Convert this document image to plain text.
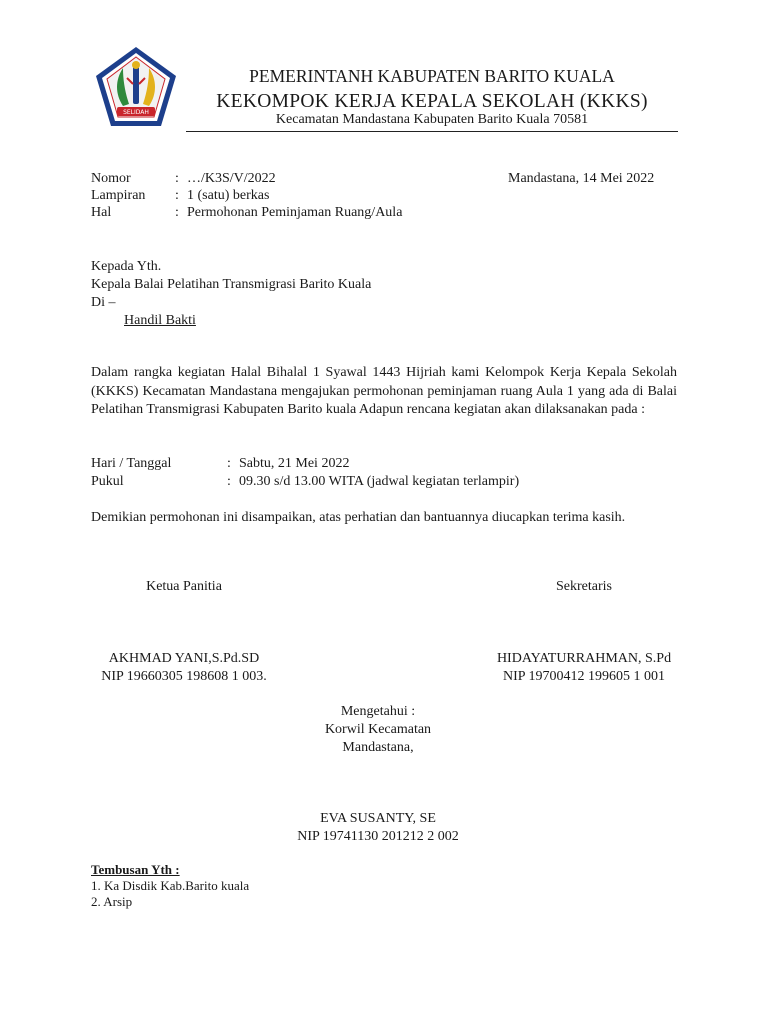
SELIDAH
PEMERINTANH KABUPATEN BARITO KUALA
KEKOMPOK KERJA KEPALA SEKOLAH (KKKS)
Kecamatan Mandastana Kabupaten Barito Kuala 70581
Nomor	: …/K3S/V/2022	Mandastana, 14 Mei 2022
Lampiran : 1 (satu) berkas
Hal	: Permohonan Peminjaman Ruang/Aula
Kepada Yth.
Kepala Balai Pelatihan Transmigrasi Barito Kuala
Di –
Handil Bakti
Dalam rangka kegiatan Halal Bihalal 1 Syawal 1443 Hijriah kami Kelompok Kerja Kepala Sekolah (KKKS) Kecamatan Mandastana mengajukan permohonan peminjaman ruang Aula 1 yang ada di Balai Pelatihan Transmigrasi Kabupaten Barito kuala Adapun rencana kegiatan akan dilaksanakan pada :
Hari / Tanggal	: Sabtu, 21 Mei 2022
Pukul	: 09.30 s/d 13.00 WITA (jadwal kegiatan terlampir)
Demikian permohonan ini disampaikan, atas perhatian dan bantuannya diucapkan terima kasih.
Ketua Panitia	Sekretaris
AKHMAD YANI,S.Pd.SD
NIP 19660305 198608 1 003.
HIDAYATURRAHMAN, S.Pd
NIP 19700412 199605 1 001
Mengetahui :
Korwil Kecamatan
Mandastana,
EVA SUSANTY, SE
NIP 19741130 201212 2 002
Tembusan Yth :
1. Ka Disdik Kab.Barito kuala
2. Arsip
